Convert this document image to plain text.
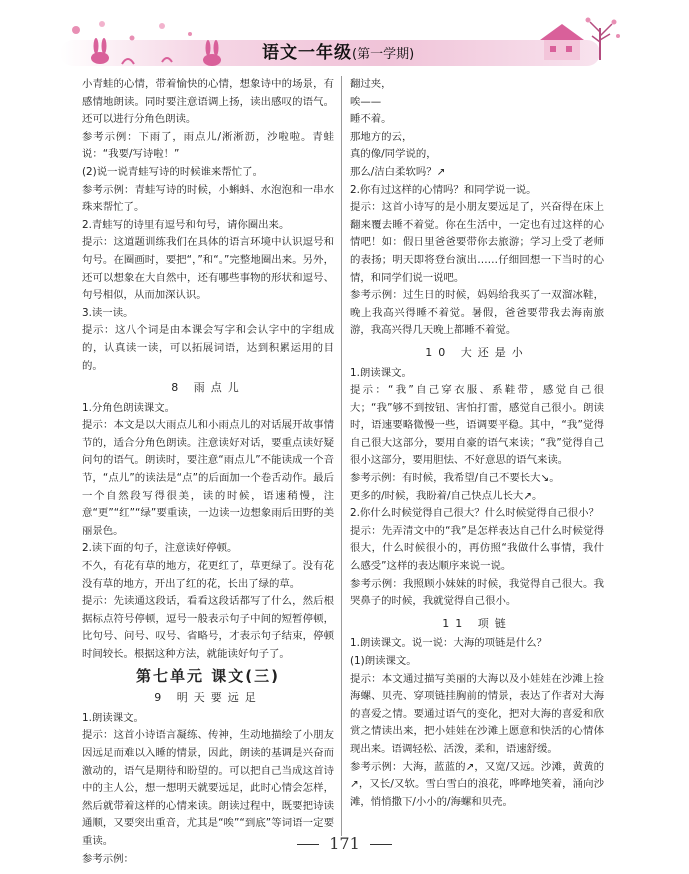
语文一年级(第一学期)

小青蛙的心情，带着愉快的心情，想象诗中的场景，有感情地朗读。同时要注意语调上扬，读出感叹的语气。还可以进行分角色朗读。

参考示例：下雨了，雨点儿/淅淅沥，沙啦啦。青蛙说：“我要/写诗啦！”

(2)说一说青蛙写诗的时候谁来帮忙了。

参考示例：青蛙写诗的时候，小蝌蚪、水泡泡和一串水珠来帮忙了。

2.青蛙写的诗里有逗号和句号，请你圈出来。

提示：这道题训练我们在具体的语言环境中认识逗号和句号。在圈画时，要把“，”和“。”完整地圈出来。另外，还可以想象在大自然中，还有哪些事物的形状和逗号、句号相似，从而加深认识。

3.读一读。

提示：这八个词是由本课会写字和会认字中的字组成的，认真读一读，可以拓展词语，达到积累运用的目的。

8 雨点儿

1.分角色朗读课文。

提示：本文是以大雨点儿和小雨点儿的对话展开故事情节的，适合分角色朗读。注意读好对话，要重点读好疑问句的语气。朗读时，要注意“雨点儿”不能读成一个音节，“点儿”的读法是“点”的后面加一个卷舌动作。最后一个自然段写得很美，读的时候，语速稍慢，注意“更”“红”“绿”要重读，一边读一边想象雨后田野的美丽景色。

2.读下面的句子，注意读好停顿。

不久，有花有草的地方，花更红了，草更绿了。没有花没有草的地方，开出了红的花，长出了绿的草。

提示：先读通这段话，看看这段话都写了什么，然后根据标点符号停顿，逗号一般表示句子中间的短暂停顿，比句号、问号、叹号、省略号，才表示句子结束，停顿时间较长。根据这种方法，就能读好句子了。

第七单元 课文(三)
9 明天要远足

1.朗读课文。

提示：这首小诗语言凝练、传神，生动地描绘了小朋友因远足而难以入睡的情景，因此，朗读的基调是兴奋而激动的，语气是期待和盼望的。可以把自己当成这首诗中的主人公，想一想明天就要远足，此时心情会怎样，然后就带着这样的心情来读。朗读过程中，既要把诗读通顺，又要突出重音，尤其是“唉”“到底”等词语一定要重读。

参考示例：

翻过夹，

唉——

睡不着。

那地方的云，

真的像/同学说的，

那么/洁白柔软吗？↗

2.你有过这样的心情吗？和同学说一说。

提示：这首小诗写的是小朋友要远足了，兴奋得在床上翻来覆去睡不着觉。你在生活中，一定也有过这样的心情吧！如：假日里爸爸要带你去旅游；学习上受了老师的表扬；明天即将登台演出……仔细回想一下当时的心情，和同学们说一说吧。

参考示例：过生日的时候，妈妈给我买了一双溜冰鞋，晚上我高兴得睡不着觉。暑假，爸爸要带我去海南旅游，我高兴得几天晚上都睡不着觉。

10 大还是小

1.朗读课文。

提示：“我”自己穿衣服、系鞋带，感觉自己很大；“我”够不到按钮、害怕打雷，感觉自己很小。朗读时，语速要略微慢一些，语调要平稳。其中，“我”觉得自己很大这部分，要用自豪的语气来读；“我”觉得自己很小这部分，要用胆怯、不好意思的语气来读。

参考示例：有时候，我希望/自己不要长大↘。

更多的/时候，我盼着/自己快点儿长大↗。

2.你什么时候觉得自己很大？什么时候觉得自己很小？

提示：先弄清文中的“我”是怎样表达自己什么时候觉得很大，什么时候很小的，再仿照“我做什么事情，我什么感受”这样的表达顺序来说一说。

参考示例：我照顾小妹妹的时候，我觉得自己很大。我哭鼻子的时候，我就觉得自己很小。

11 项链

1.朗读课文。说一说：大海的项链是什么？

(1)朗读课文。

提示：本文通过描写美丽的大海以及小娃娃在沙滩上捡海螺、贝壳、穿项链挂胸前的情景，表达了作者对大海的喜爱之情。要通过语气的变化，把对大海的喜爱和欣赏之情读出来，把小娃娃在沙滩上愿意和快活的心情体现出来。语调轻松、活泼，柔和，语速舒缓。

参考示例：大海，蓝蓝的↗，又宽/又远。沙滩，黄黄的↗，又长/又软。雪白雪白的浪花，哗哗地笑着，涌向沙滩，悄悄撒下/小小的/海螺和贝壳。

171
